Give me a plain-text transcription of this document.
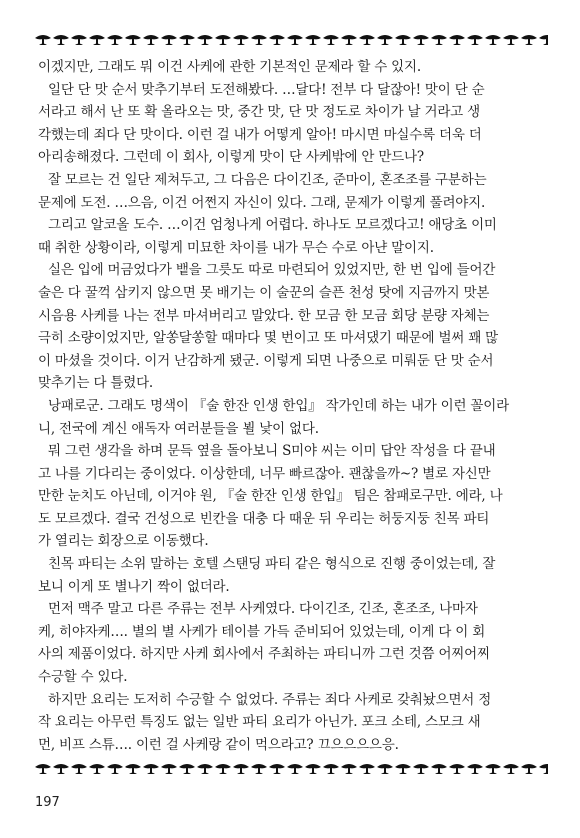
이겠지만, 그래도 뭐 이건 사케에 관한 기본적인 문제라 할 수 있지.

일단 단 맛 순서 맞추기부터 도전해봤다. …달다! 전부 다 달잖아! 맛이 단 순

서라고 해서 난 또 확 올라오는 맛, 중간 맛, 단 맛 정도로 차이가 날 거라고 생

각했는데 죄다 단 맛이다. 이런 걸 내가 어떻게 알아! 마시면 마실수록 더욱 더

아리송해졌다. 그런데 이 회사, 이렇게 맛이 단 사케밖에 안 만드나?

잘 모르는 건 일단 제쳐두고, 그 다음은 다이긴조, 준마이, 혼조조를 구분하는

문제에 도전. …으음, 이건 어쩐지 자신이 있다. 그래, 문제가 이렇게 풀려야지.

그리고 알코올 도수. …이건 엄청나게 어렵다. 하나도 모르겠다고! 애당초 이미

때 취한 상황이라, 이렇게 미묘한 차이를 내가 무슨 수로 아냔 말이지.

실은 입에 머금었다가 뱉을 그릇도 따로 마련되어 있었지만, 한 번 입에 들어간

술은 다 꿀꺽 삼키지 않으면 못 배기는 이 술꾼의 슬픈 천성 탓에 지금까지 맛본

시음용 사케를 나는 전부 마셔버리고 말았다. 한 모금 한 모금 회당 분량 자체는

극히 소량이었지만, 알쏭달쏭할 때마다 몇 번이고 또 마셔댔기 때문에 벌써 꽤 많

이 마셨을 것이다. 이거 난감하게 됐군. 이렇게 되면 나중으로 미뤄둔 단 맛 순서

맞추기는 다 틀렸다.

낭패로군. 그래도 명색이 『술 한잔 인생 한입』 작가인데 하는 내가 이런 꼴이라

니, 전국에 계신 애독자 여러분들을 뵐 낯이 없다.

뭐 그런 생각을 하며 문득 옆을 돌아보니 S미야 씨는 이미 답안 작성을 다 끝내

고 나를 기다리는 중이었다. 이상한데, 너무 빠르잖아. 괜찮을까~? 별로 자신만

만한 눈치도 아닌데, 이거야 원, 『술 한잔 인생 한입』 팀은 참패로구만. 에라, 나

도 모르겠다. 결국 건성으로 빈칸을 대충 다 때운 뒤 우리는 허둥지둥 친목 파티

가 열리는 회장으로 이동했다.

친목 파티는 소위 말하는 호텔 스탠딩 파티 같은 형식으로 진행 중이었는데, 잘

보니 이게 또 별나기 짝이 없더라.

먼저 맥주 말고 다른 주류는 전부 사케였다. 다이긴조, 긴조, 혼조조, 나마자

케, 히야자케…. 별의 별 사케가 테이블 가득 준비되어 있었는데, 이게 다 이 회

사의 제품이었다. 하지만 사케 회사에서 주최하는 파티니까 그런 것쯤 어찌어찌

수긍할 수 있다.

하지만 요리는 도저히 수긍할 수 없었다. 주류는 죄다 사케로 갖춰놨으면서 정

작 요리는 아무런 특징도 없는 일반 파티 요리가 아닌가. 포크 소테, 스모크 새

먼, 비프 스튜…. 이런 걸 사케랑 같이 먹으라고? 끄으으으으응.

197
